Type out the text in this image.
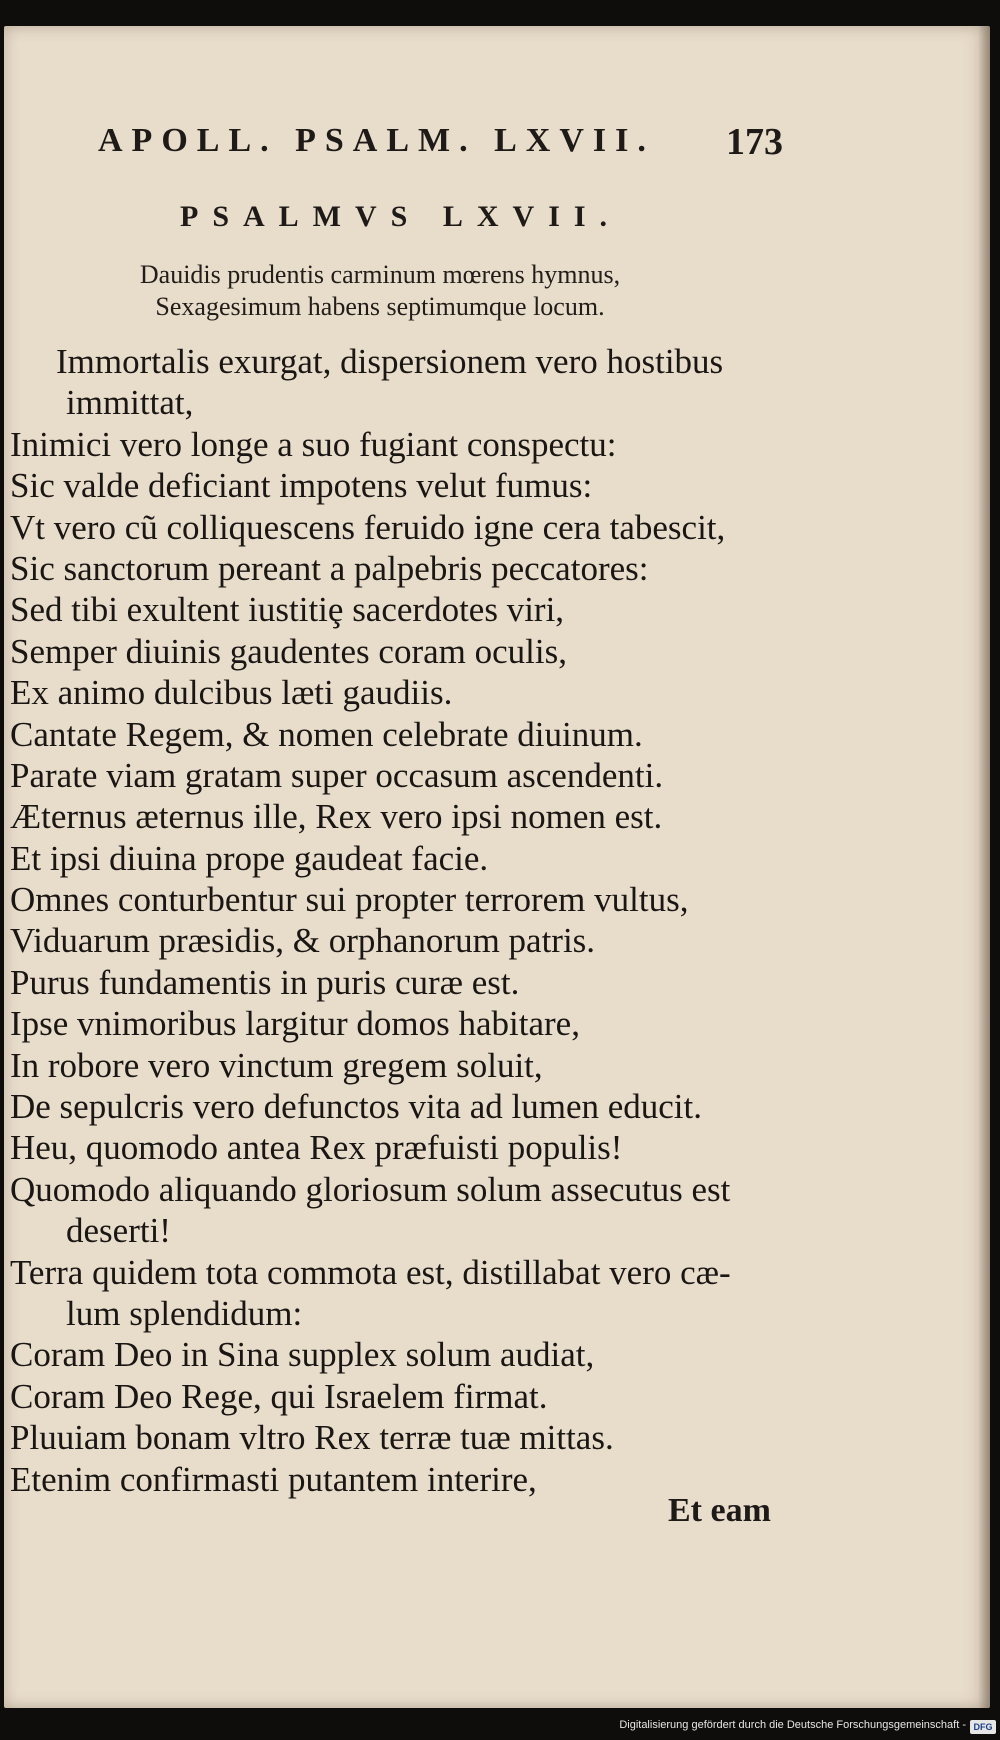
APOLL. PSALM. LXVII. 173
PSALMVS LXVII.
Dauidis prudentis carminum mœrens hymnus,
Sexagesimum habens septimumque locum.
Immortalis exurgat, dispersionem vero hostibus
immittat,
Inimici vero longe a suo fugiant conspectu:
Sic valde deficiant impotens velut fumus:
Vt vero cũ colliquescens feruido igne cera tabescit,
Sic sanctorum pereant a palpebris peccatores:
Sed tibi exultent iustitiȩ sacerdotes viri,
Semper diuinis gaudentes coram oculis,
Ex animo dulcibus læti gaudiis.
Cantate Regem, & nomen celebrate diuinum.
Parate viam gratam super occasum ascendenti.
Æternus æternus ille, Rex vero ipsi nomen est.
Et ipsi diuina prope gaudeat facie.
Omnes conturbentur sui propter terrorem vultus,
Viduarum præsidis, & orphanorum patris.
Purus fundamentis in puris curæ est.
Ipse vnimoribus largitur domos habitare,
In robore vero vinctum gregem soluit,
De sepulcris vero defunctos vita ad lumen educit.
Heu, quomodo antea Rex præfuisti populis!
Quomodo aliquando gloriosum solum assecutus est
deserti!
Terra quidem tota commota est, distillabat vero cæ-
lum splendidum:
Coram Deo in Sina supplex solum audiat,
Coram Deo Rege, qui Israelem firmat.
Pluuiam bonam vltro Rex terræ tuæ mittas.
Etenim confirmasti putantem interire,
Et eam
Digitalisierung gefördert durch die Deutsche Forschungsgemeinschaft - DFG
